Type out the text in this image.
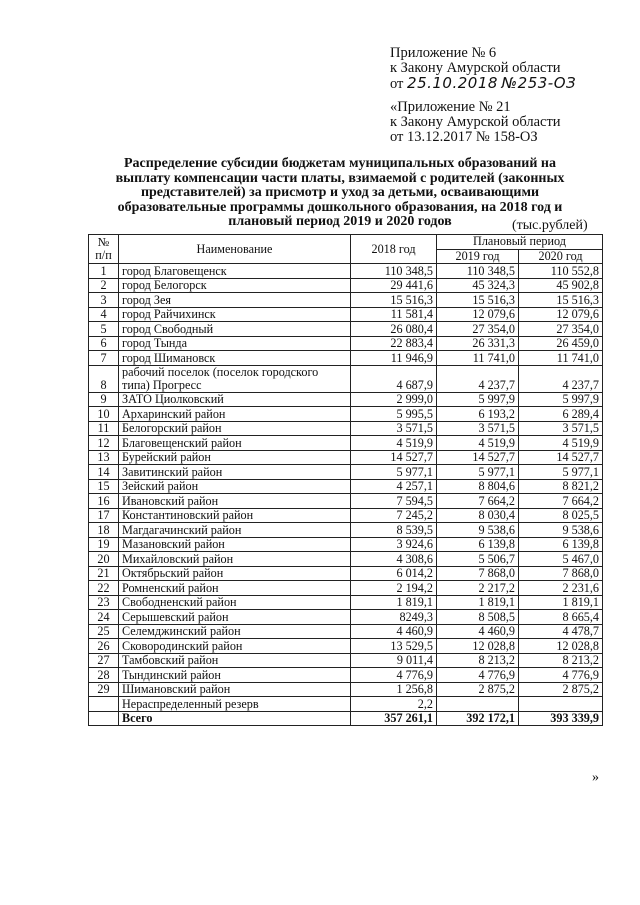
Приложение № 6
к Закону Амурской области
от 25.10.2018 №253-ОЗ
«Приложение № 21
к Закону Амурской области
от 13.12.2017 № 158-ОЗ
Распределение субсидии бюджетам муниципальных образований на выплату компенсации части платы, взимаемой с родителей (законных представителей) за присмотр и уход за детьми, осваивающими образовательные программы дошкольного образования, на 2018 год и плановый период 2019 и 2020 годов	(тыс.рублей)
№ п/п	Наименование	2018 год	Плановый период	
			2019 год	2020 год
1	город Благовещенск	110 348,5	110 348,5	110 552,8
2	город Белогорск	29 441,6	45 324,3	45 902,8
3	город Зея	15 516,3	15 516,3	15 516,3
4	город Райчихинск	11 581,4	12 079,6	12 079,6
5	город Свободный	26 080,4	27 354,0	27 354,0
6	город Тында	22 883,4	26 331,3	26 459,0
7	город Шимановск	11 946,9	11 741,0	11 741,0
8	рабочий поселок (поселок городского типа) Прогресс	4 687,9	4 237,7	4 237,7
9	ЗАТО Циолковский	2 999,0	5 997,9	5 997,9
10	Архаринский район	5 995,5	6 193,2	6 289,4
11	Белогорский район	3 571,5	3 571,5	3 571,5
12	Благовещенский район	4 519,9	4 519,9	4 519,9
13	Бурейский район	14 527,7	14 527,7	14 527,7
14	Завитинский район	5 977,1	5 977,1	5 977,1
15	Зейский район	4 257,1	8 804,6	8 821,2
16	Ивановский район	7 594,5	7 664,2	7 664,2
17	Константиновский район	7 245,2	8 030,4	8 025,5
18	Магдагачинский район	8 539,5	9 538,6	9 538,6
19	Мазановский район	3 924,6	6 139,8	6 139,8
20	Михайловский район	4 308,6	5 506,7	5 467,0
21	Октябрьский район	6 014,2	7 868,0	7 868,0
22	Ромненский район	2 194,2	2 217,2	2 231,6
23	Свободненский район	1 819,1	1 819,1	1 819,1
24	Серышевский район	8249,3	8 508,5	8 665,4
25	Селемджинский район	4 460,9	4 460,9	4 478,7
26	Сковородинский район	13 529,5	12 028,8	12 028,8
27	Тамбовский район	9 011,4	8 213,2	8 213,2
28	Тындинский район	4 776,9	4 776,9	4 776,9
29	Шимановский район	1 256,8	2 875,2	2 875,2
	Нераспределенный резерв	2,2		
	Всего	357 261,1	392 172,1	393 339,9
»
